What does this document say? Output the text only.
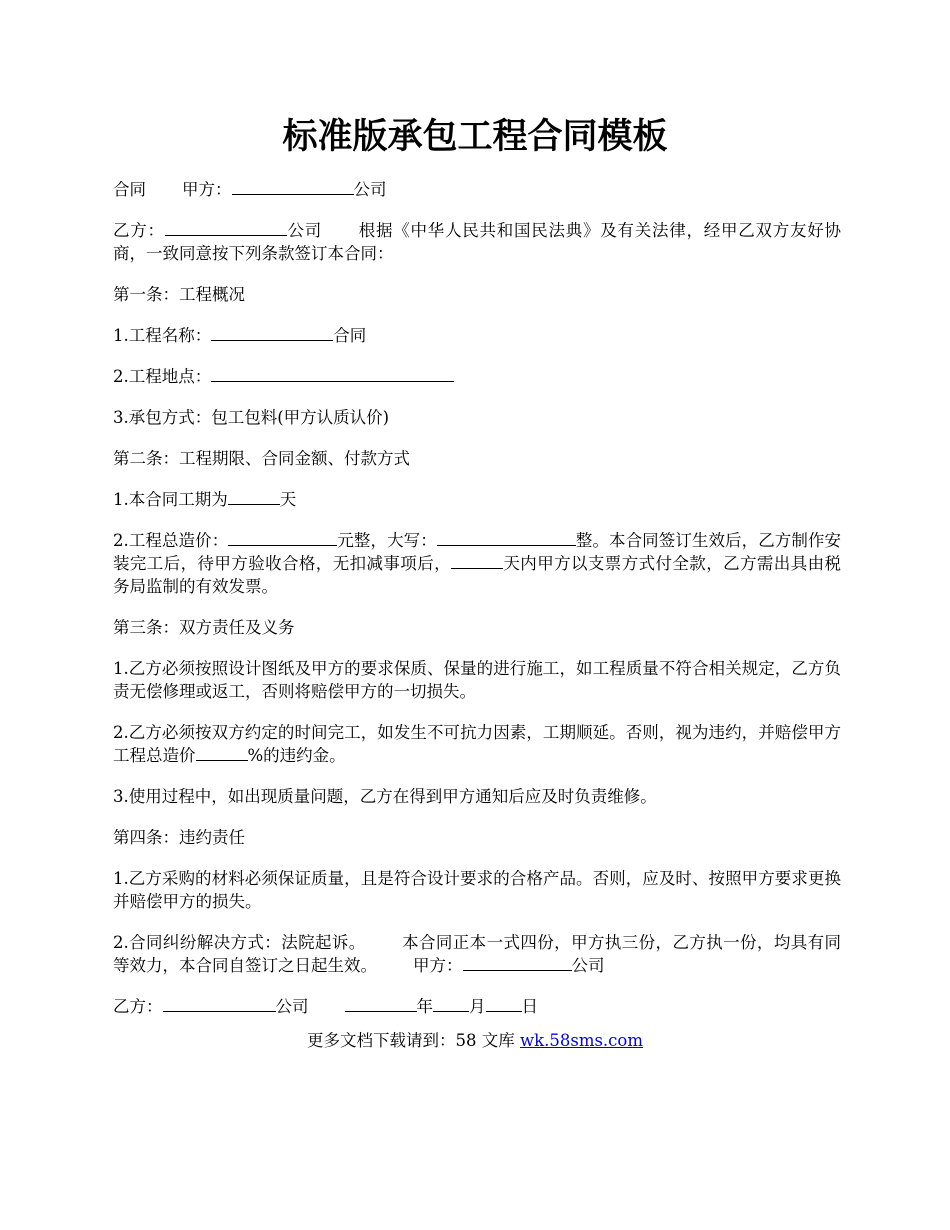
标准版承包工程合同模板

合同 甲方：	公司

乙方：	公司 根据《中华人民共和国民法典》及有关法律，经甲乙双方友好协商，一致同意按下列条款签订本合同：

第一条：工程概况

1.工程名称：	合同

2.工程地点：

3.承包方式：包工包料(甲方认质认价)

第二条：工程期限、合同金额、付款方式

1.本合同工期为	天

2.工程总造价：	元整，大写：	整。本合同签订生效后，乙方制作安装完工后，待甲方验收合格，无扣减事项后，	天内甲方以支票方式付全款，乙方需出具由税务局监制的有效发票。

第三条：双方责任及义务

1.乙方必须按照设计图纸及甲方的要求保质、保量的进行施工，如工程质量不符合相关规定，乙方负责无偿修理或返工，否则将赔偿甲方的一切损失。

2.乙方必须按双方约定的时间完工，如发生不可抗力因素，工期顺延。否则，视为违约，并赔偿甲方工程总造价	%的违约金。

3.使用过程中，如出现质量问题，乙方在得到甲方通知后应及时负责维修。

第四条：违约责任

1.乙方采购的材料必须保证质量，且是符合设计要求的合格产品。否则，应及时、按照甲方要求更换并赔偿甲方的损失。

2.合同纠纷解决方式：法院起诉。 本合同正本一式四份，甲方执三份，乙方执一份，均具有同等效力，本合同自签订之日起生效。 甲方：	公司

乙方：	公司	年 月 日

更多文档下载请到：58 文库 wk.58sms.com
